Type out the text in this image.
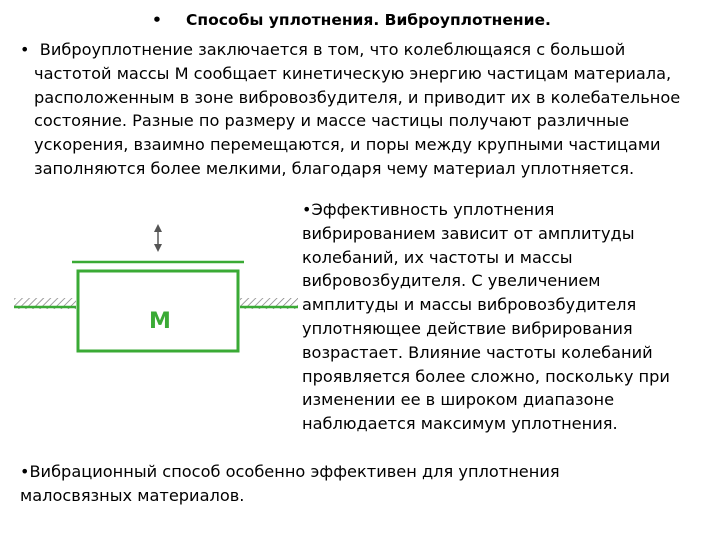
• Способы уплотнения. Виброуплотнение.
• Виброуплотнение заключается в том, что колеблющаяся с большой
частотой массы М сообщает кинетическую энергию частицам материала,
расположенным в зоне вибровозбудителя, и приводит их в колебательное
состояние. Разные по размеру и массе частицы получают различные
ускорения, взаимно перемещаются, и поры между крупными частицами
заполняются более мелкими, благодаря чему материал уплотняется.
М
•Эффективность уплотнения
вибрированием зависит от амплитуды
колебаний, их частоты и массы
вибровозбудителя. С увеличением
амплитуды и массы вибровозбудителя
уплотняющее действие вибрирования
возрастает. Влияние частоты колебаний
проявляется более сложно, поскольку при
изменении ее в широком диапазоне
наблюдается максимум уплотнения.
•Вибрационный способ особенно эффективен для уплотнения
малосвязных материалов.
